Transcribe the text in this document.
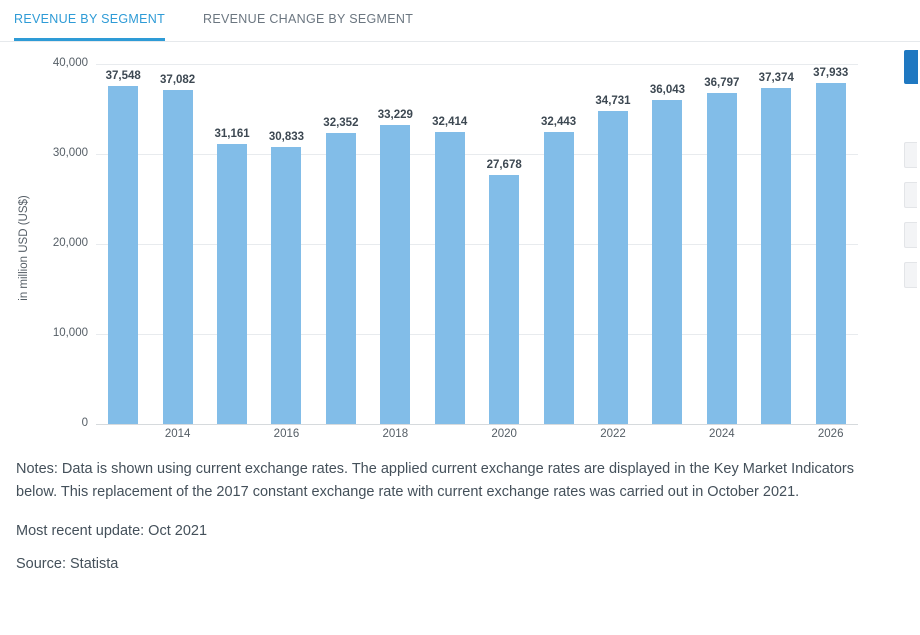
REVENUE BY SEGMENT	REVENUE CHANGE BY SEGMENT
in million USD (US$)
40,000
30,000
20,000
10,000
0
37,548 37,082
31,161 30,833
32,352
33,229
32,414
27,678
32,443
34,731
36,043
36,797 37,374 37,933
2014	2016	2018	2020	2022	2024	2026

Notes: Data is shown using current exchange rates. The applied current exchange rates are displayed in the Key Market Indicators below. This replacement of the 2017 constant exchange rate with current exchange rates was carried out in October 2021.

Most recent update: Oct 2021

Source: Statista
